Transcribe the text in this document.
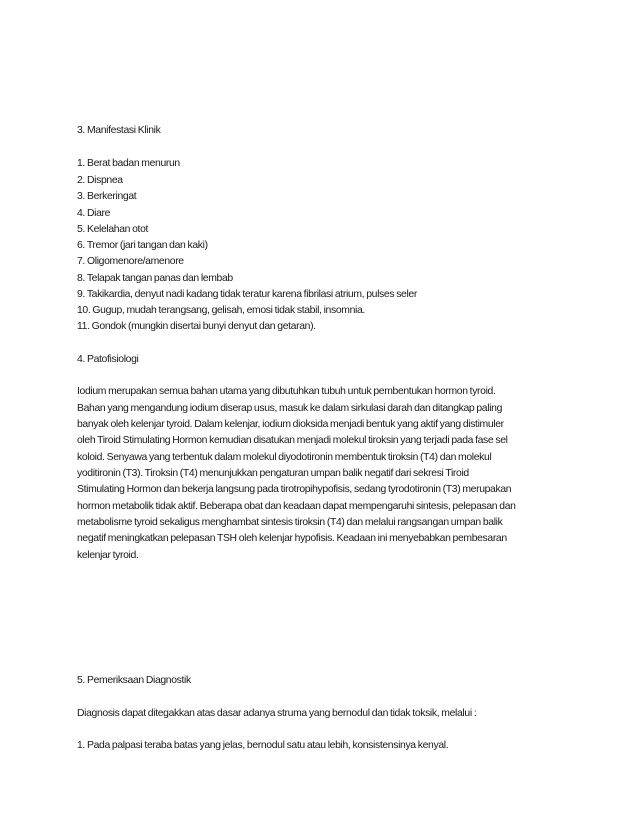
3. Manifestasi Klinik
1. Berat badan menurun
2. Dispnea
3. Berkeringat
4. Diare
5. Kelelahan otot
6. Tremor (jari tangan dan kaki)
7. Oligomenore/amenore
8. Telapak tangan panas dan lembab
9. Takikardia, denyut nadi kadang tidak teratur karena fibrilasi atrium, pulses seler
10. Gugup, mudah terangsang, gelisah, emosi tidak stabil, insomnia.
11. Gondok (mungkin disertai bunyi denyut dan getaran).
4. Patofisiologi
Iodium merupakan semua bahan utama yang dibutuhkan tubuh untuk pembentukan hormon tyroid.
Bahan yang mengandung iodium diserap usus, masuk ke dalam sirkulasi darah dan ditangkap paling
banyak oleh kelenjar tyroid. Dalam kelenjar, iodium dioksida menjadi bentuk yang aktif yang distimuler
oleh Tiroid Stimulating Hormon kemudian disatukan menjadi molekul tiroksin yang terjadi pada fase sel
koloid. Senyawa yang terbentuk dalam molekul diyodotironin membentuk tiroksin (T4) dan molekul
yoditironin (T3). Tiroksin (T4) menunjukkan pengaturan umpan balik negatif dari sekresi Tiroid
Stimulating Hormon dan bekerja langsung pada tirotropihypofisis, sedang tyrodotironin (T3) merupakan
hormon metabolik tidak aktif. Beberapa obat dan keadaan dapat mempengaruhi sintesis, pelepasan dan
metabolisme tyroid sekaligus menghambat sintesis tiroksin (T4) dan melalui rangsangan umpan balik
negatif meningkatkan pelepasan TSH oleh kelenjar hypofisis. Keadaan ini menyebabkan pembesaran
kelenjar tyroid.
5. Pemeriksaan Diagnostik
Diagnosis dapat ditegakkan atas dasar adanya struma yang bernodul dan tidak toksik, melalui :
1. Pada palpasi teraba batas yang jelas, bernodul satu atau lebih, konsistensinya kenyal.
